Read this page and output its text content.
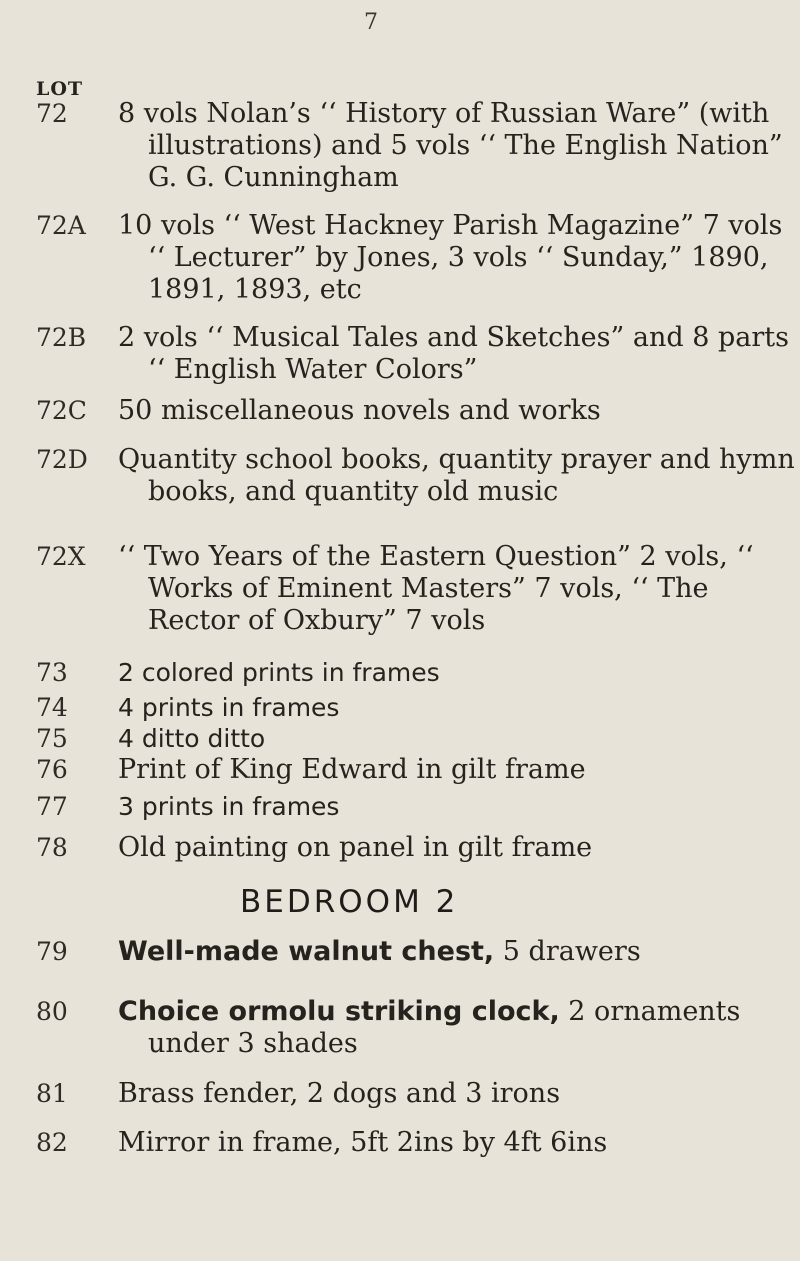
7
LOT
72 8 vols Nolan’s ‘‘ History of Russian Ware” (with illustrations) and 5 vols ‘‘ The English Nation” G. G. Cunningham
72A 10 vols ‘‘ West Hackney Parish Magazine” 7 vols ‘‘ Lecturer” by Jones, 3 vols ‘‘ Sunday,” 1890, 1891, 1893, etc
72B 2 vols ‘‘ Musical Tales and Sketches” and 8 parts ‘‘ English Water Colors”
72C 50 miscellaneous novels and works
72D Quantity school books, quantity prayer and hymn books, and quantity old music
72X ‘‘ Two Years of the Eastern Question” 2 vols, ‘‘ Works of Eminent Masters” 7 vols, ‘‘ The Rector of Oxbury” 7 vols
73 2 colored prints in frames
74 4 prints in frames
75 4 ditto ditto
76 Print of King Edward in gilt frame
77 3 prints in frames
78 Old painting on panel in gilt frame
BEDROOM 2
79 Well-made walnut chest, 5 drawers
80 Choice ormolu striking clock, 2 ornaments under 3 shades
81 Brass fender, 2 dogs and 3 irons
82 Mirror in frame, 5ft 2ins by 4ft 6ins
